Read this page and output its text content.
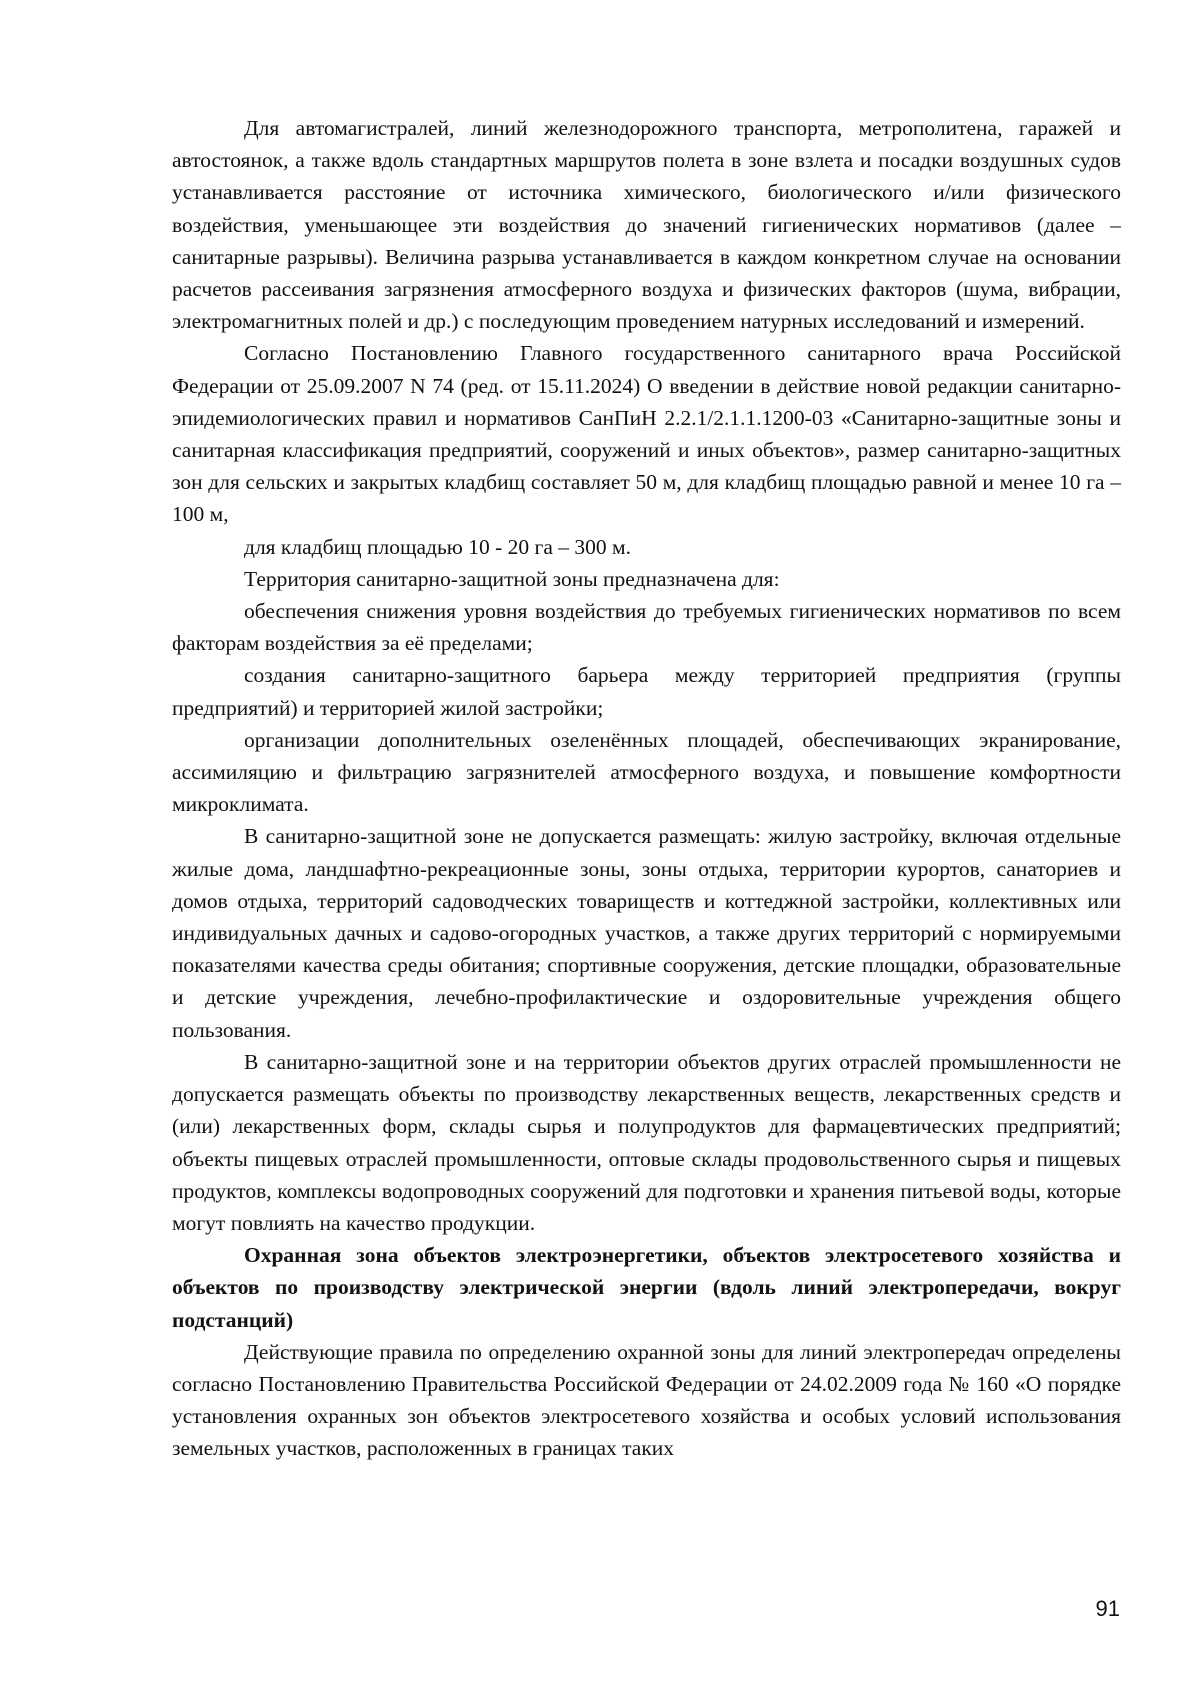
Для автомагистралей, линий железнодорожного транспорта, метрополитена, гаражей и автостоянок, а также вдоль стандартных маршрутов полета в зоне взлета и посадки воздушных судов устанавливается расстояние от источника химического, биологического и/или физического воздействия, уменьшающее эти воздействия до значений гигиенических нормативов (далее – санитарные разрывы). Величина разрыва устанавливается в каждом конкретном случае на основании расчетов рассеивания загрязнения атмосферного воздуха и физических факторов (шума, вибрации, электромагнитных полей и др.) с последующим проведением натурных исследований и измерений.

Согласно Постановлению Главного государственного санитарного врача Российской Федерации от 25.09.2007 N 74 (ред. от 15.11.2024) О введении в действие новой редакции санитарно-эпидемиологических правил и нормативов СанПиН 2.2.1/2.1.1.1200-03 «Санитарно-защитные зоны и санитарная классификация предприятий, сооружений и иных объектов», размер санитарно-защитных зон для сельских и закрытых кладбищ составляет 50 м, для кладбищ площадью равной и менее 10 га – 100 м,

для кладбищ площадью 10 - 20 га – 300 м.

Территория санитарно-защитной зоны предназначена для:

обеспечения снижения уровня воздействия до требуемых гигиенических нормативов по всем факторам воздействия за её пределами;

создания санитарно-защитного барьера между территорией предприятия (группы предприятий) и территорией жилой застройки;

организации дополнительных озеленённых площадей, обеспечивающих экранирование, ассимиляцию и фильтрацию загрязнителей атмосферного воздуха, и повышение комфортности микроклимата.

В санитарно-защитной зоне не допускается размещать: жилую застройку, включая отдельные жилые дома, ландшафтно-рекреационные зоны, зоны отдыха, территории курортов, санаториев и домов отдыха, территорий садоводческих товариществ и коттеджной застройки, коллективных или индивидуальных дачных и садово-огородных участков, а также других территорий с нормируемыми показателями качества среды обитания; спортивные сооружения, детские площадки, образовательные и детские учреждения, лечебно-профилактические и оздоровительные учреждения общего пользования.

В санитарно-защитной зоне и на территории объектов других отраслей промышленности не допускается размещать объекты по производству лекарственных веществ, лекарственных средств и (или) лекарственных форм, склады сырья и полупродуктов для фармацевтических предприятий; объекты пищевых отраслей промышленности, оптовые склады продовольственного сырья и пищевых продуктов, комплексы водопроводных сооружений для подготовки и хранения питьевой воды, которые могут повлиять на качество продукции.

Охранная зона объектов электроэнергетики, объектов электросетевого хозяйства и объектов по производству электрической энергии (вдоль линий электропередачи, вокруг подстанций)

Действующие правила по определению охранной зоны для линий электропередач определены согласно Постановлению Правительства Российской Федерации от 24.02.2009 года № 160 «О порядке установления охранных зон объектов электросетевого хозяйства и особых условий использования земельных участков, расположенных в границах таких

91
